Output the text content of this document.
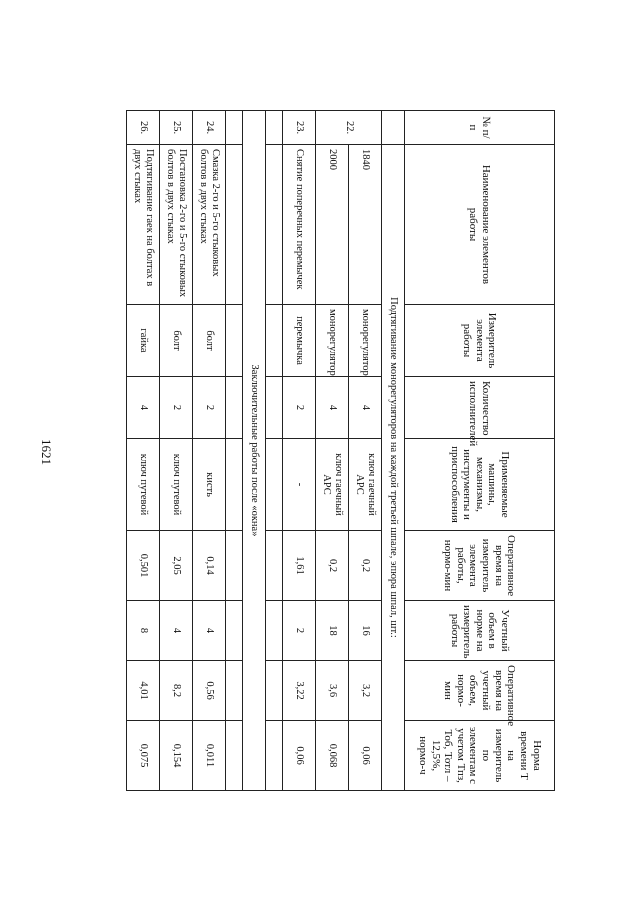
1621
№ п/п	Наименование элементов работы	Измеритель элемента работы	Количество исполнителей	Применяемые машины, механизмы, инструменты и приспособления	Оперативное время на измеритель элемента работы, нормо-мин	Учетный объем в норме на измеритель работы	Оперативное время на учетный объем, нормо-мин	Норма времени Т на измеритель по элементам с учетом Тпз, Тоб, Тотл – 12,5%, нормо-ч
	Подтягивание монорегуляторов на каждой третьей шпале, эпюра шпал, шт.:							
22.	1840	монорегулятор	4	ключ гаечный АРС	0,2	16	3,2	0,06
	2000	монорегулятор	4	ключ гаечный АРС	0,2	18	3,6	0,068
23.	Снятие поперечных перемычек	перемычка	2	-	1,61	2	3,22	0,06

Заключительные работы после «окна»								

24.	Смазка 2-го и 5-го стыковых болтов в двух стыках	болт	2	кисть	0,14	4	0,56	0,011
25.	Постановка 2-го и 5-го стыковых болтов в двух стыках	болт	2	ключ путевой	2,05	4	8,2	0,154
26.	Подтягивание гаек на болтах в двух стыках	гайка	4	ключ путевой	0,501	8	4,01	0,075
